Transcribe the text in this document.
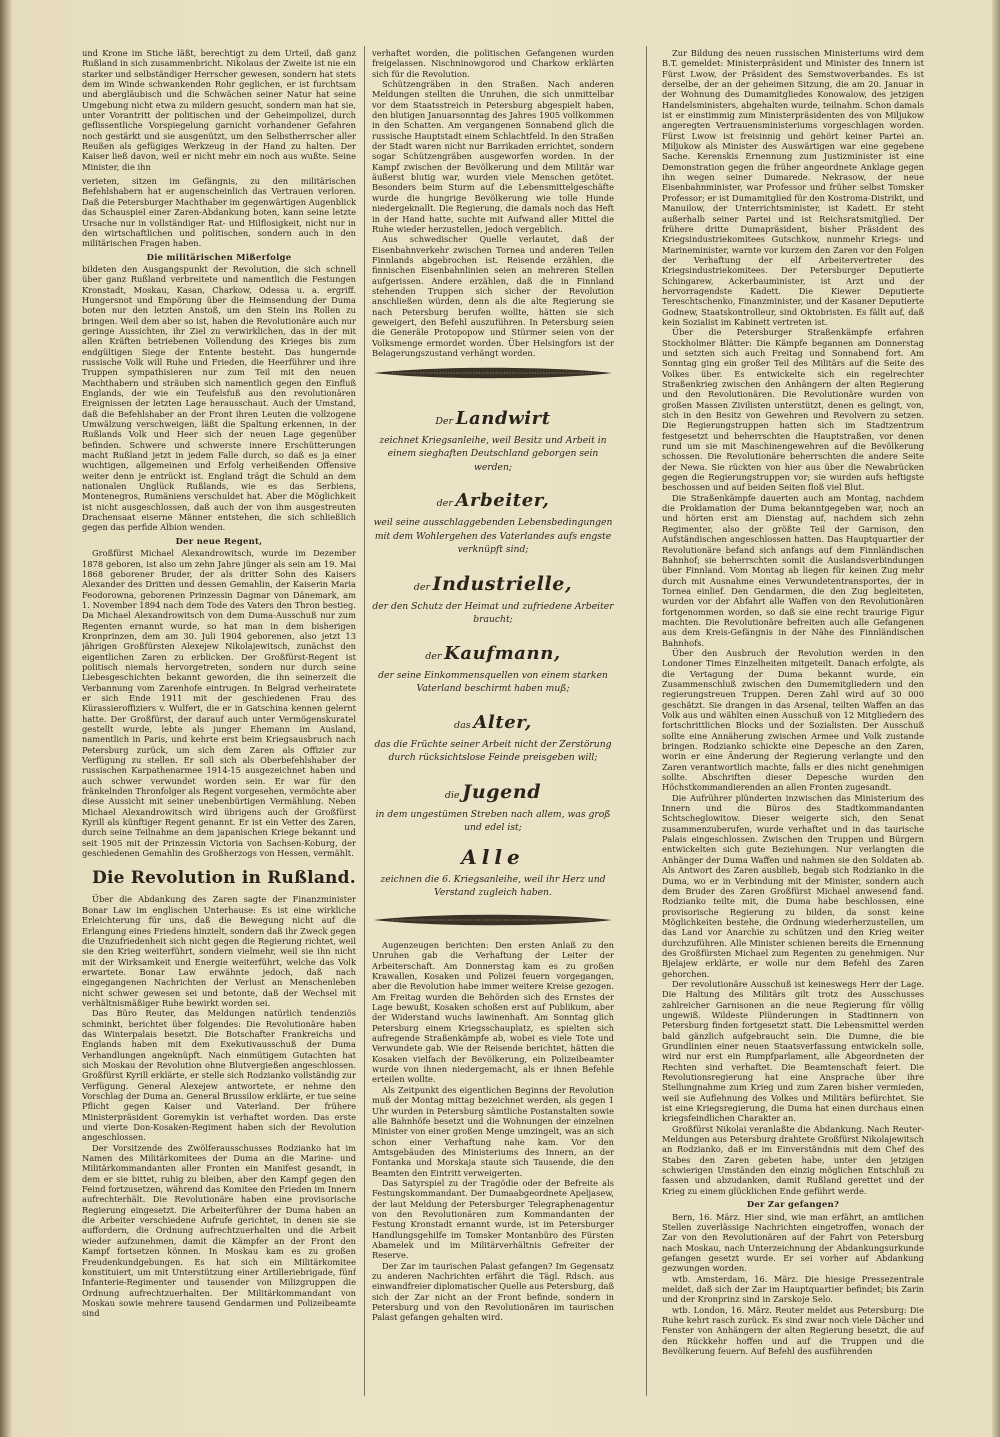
und Krone im Stiche läßt, berechtigt zu dem Urteil, daß ganz Rußland in sich zusammenbricht. Nikolaus der Zweite ist nie ein starker und selbständiger Herrscher gewesen, sondern hat stets dem im Winde schwankenden Rohr geglichen, er ist furchtsam und abergläubisch und die Schwächen seiner Natur hat seine Umgebung nicht etwa zu mildern gesucht, sondern man hat sie, unter Vorantritt der politischen und der Geheimpolizei, durch geflissentliche Vorspiegelung garnicht vorhandener Gefahren noch gestärkt und sie ausgenützt, um den Selbstherrscher aller Reußen als gefügiges Werkzeug in der Hand zu halten. Der Kaiser ließ davon, weil er nicht mehr ein noch aus wußte. Seine Minister, die ihn

verieten, sitzen im Gefängnis, zu den militärischen Befehlshabern hat er augenscheinlich das Vertrauen verloren. Daß die Petersburger Machthaber im gegenwärtigen Augenblick das Schauspiel einer Zaren-Abdankung boten, kann seine letzte Ursache nur in vollständiger Rat- und Hilflosigkeit, nicht nur in den wirtschaftlichen und politischen, sondern auch in den militärischen Fragen haben.

Die militärischen Mißerfolge

bildeten den Ausgangspunkt der Revolution, die sich schnell über ganz Rußland verbreitete und namentlich die Festungen Kronstadt, Moskau, Kasan, Charkow, Odessa u. a. ergriff. Hungersnot und Empörung über die Heimsendung der Duma boten nur den letzten Anstoß, um den Stein ins Rollen zu bringen. Weil dem aber so ist, haben die Revolutionäre auch nur geringe Aussichten, ihr Ziel zu verwirklichen, das in der mit allen Kräften betriebenen Vollendung des Krieges bis zum endgültigen Siege der Entente besteht. Das hungernde russische Volk will Ruhe und Frieden, die Heerführer und ihre Truppen sympathisieren nur zum Teil mit den neuen Machthabern und sträuben sich namentlich gegen den Einfluß Englands, der wie ein Teufelsfuß aus den revolutionären Ereignissen der letzten Lage herausschaut. Auch der Umstand, daß die Befehlshaber an der Front ihren Leuten die vollzogene Umwälzung verschweigen, läßt die Spaltung erkennen, in der Rußlands Volk und Heer sich der neuen Lage gegenüber befinden. Schwere und schwerste innere Erschütterungen macht Rußland jetzt in jedem Falle durch, so daß es ja einer wuchtigen, allgemeinen und Erfolg verheißenden Offensive weiter denn je entrückt ist. England trägt die Schuld an dem nationalen Unglück Rußlands, wie es das Serbiens, Montenegros, Rumäniens verschuldet hat. Aber die Möglichkeit ist nicht ausgeschlossen, daß auch der von ihm ausgestreuten Drachensaat eiserne Männer entstehen, die sich schließlich gegen das perfide Albion wenden.

Der neue Regent,

Großfürst Michael Alexandrowitsch, wurde im Dezember 1878 geboren, ist also um zehn Jahre jünger als sein am 19. Mai 1868 geborener Bruder, der als dritter Sohn des Kaisers Alexander des Dritten und dessen Gemahlin, der Kaiserin Maria Feodorowna, geborenen Prinzessin Dagmar von Dänemark, am 1. November 1894 nach dem Tode des Vaters den Thron bestieg. Da Michael Alexandrowitsch von dem Duma-Ausschuß nur zum Regenten ernannt wurde, so hat man in dem bisherigen Kronprinzen, dem am 30. Juli 1904 geborenen, also jetzt 13 jährigen Großfürsten Alexejew Nikolajewitsch, zunächst den eigentlichen Zaren zu erblicken. Der Großfürst-Regent ist politisch niemals hervorgetreten, sondern nur durch seine Liebesgeschichten bekannt geworden, die ihn seinerzeit die Verbannung vom Zarenhofe eintrugen. In Belgrad verheiratete er sich Ende 1911 mit der geschiedenen Frau des Kürassieroffiziers v. Wulfert, die er in Gatschina kennen gelernt hatte. Der Großfürst, der darauf auch unter Vermögenskuratel gestellt wurde, lebte als junger Ehemann im Ausland, namentlich in Paris, und kehrte erst beim Kriegsausbruch nach Petersburg zurück, um sich dem Zaren als Offizier zur Verfügung zu stellen. Er soll sich als Oberbefehlshaber der russischen Karpathenarmee 1914-15 ausgezeichnet haben und auch schwer verwundet worden sein. Er war für den fränkelnden Thronfolger als Regent vorgesehen, vermöchte aber diese Aussicht mit seiner unebenbürtigen Vermählung. Neben Michael Alexandrowitsch wird übrigens auch der Großfürst Kyrill als künftiger Regent genannt. Er ist ein Vetter des Zaren, durch seine Teilnahme an dem japanischen Kriege bekannt und seit 1905 mit der Prinzessin Victoria von Sachsen-Koburg, der geschiedenen Gemahlin des Großherzogs von Hessen, vermählt.

Die Revolution in Rußland.

Über die Abdankung des Zaren sagte der Finanzminister Bonar Law im englischen Unterhause: Es ist eine wirkliche Erleichterung für uns, daß die Bewegung nicht auf die Erlangung eines Friedens hinzielt, sondern daß ihr Zweck gegen die Unzufriedenheit sich nicht gegen die Regierung richtet, weil sie den Krieg weiterführt, sondern vielmehr, weil sie ihn nicht mit der Wirksamkeit und Energie weiterführt, welche das Volk erwartete. Bonar Law erwähnte jedoch, daß nach eingegangenen Nachrichten der Verlust an Menschenleben nicht schwer gewesen sei und betonte, daß der Wechsel mit verhältnismäßiger Ruhe bewirkt worden sei.

Das Büro Reuter, das Meldungen natürlich tendenziös schminkt, berichtet über folgendes: Die Revolutionäre haben das Winterpalais besetzt. Die Botschafter Frankreichs und Englands haben mit dem Exekutivausschuß der Duma Verhandlungen angeknüpft. Nach einmütigem Gutachten hat sich Moskau der Revolution ohne Blutvergießen angeschlossen. Großfürst Kyrill erklärte, er stelle sich Rodzianko vollständig zur Verfügung. General Alexejew antwortete, er nehme den Vorschlag der Duma an. General Brussilow erklärte, er tue seine Pflicht gegen Kaiser und Vaterland. Der frühere Ministerpräsident Goremykin ist verhaftet worden. Das erste und vierte Don-Kosaken-Regiment haben sich der Revolution angeschlossen.

Der Vorsitzende des Zwölferausschusses Rodzianko hat im Namen des Militärkomitees der Duma an die Marine- und Militärkommandanten aller Fronten ein Manifest gesandt, in dem er sie bittet, ruhig zu bleiben, aber den Kampf gegen den Feind fortzusetzen, während das Komitee den Frieden im Innern aufrechterhält. Die Revolutionäre haben eine provisorische Regierung eingesetzt. Die Arbeiterführer der Duma haben an die Arbeiter verschiedene Aufrufe gerichtet, in denen sie sie auffordern, die Ordnung aufrechtzuerhalten und die Arbeit wieder aufzunehmen, damit die Kämpfer an der Front den Kampf fortsetzen können. In Moskau kam es zu großen Freudenkundgebungen. Es hat sich ein Militärkomitee konstituiert, um mit Unterstützung einer Artilleriebrigade, fünf Infanterie-Regimenter und tausender von Milizgruppen die Ordnung aufrechtzuerhalten. Der Militärkommandant von Moskau sowie mehrere tausend Gendarmen und Polizeibeamte sind

verhaftet worden, die politischen Gefangenen wurden freigelassen. Nischninowgorod und Charkow erklärten sich für die Revolution.

Schützengräben in den Straßen. Nach anderen Meldungen stellten die Unruhen, die sich unmittelbar vor dem Staatsstreich in Petersburg abgespielt haben, den blutigen Januarsonntag des Jahres 1905 vollkommen in den Schatten. Am vergangenen Sonnabend glich die russische Hauptstadt einem Schlachtfeld. In den Straßen der Stadt waren nicht nur Barrikaden errichtet, sondern sogar Schützengräben ausgeworfen worden. In der Kampf zwischen der Bevölkerung und dem Militär war äußerst blutig war, wurden viele Menschen getötet. Besonders beim Sturm auf die Lebensmittelgeschäfte wurde die hungrige Bevölkerung wie tolle Hunde niedergeknallt. Die Regierung, die damals noch das Heft in der Hand hatte, suchte mit Aufwand aller Mittel die Ruhe wieder herzustellen, jedoch vergeblich.

Aus schwedischer Quelle verlautet, daß der Eisenbahnverkehr zwischen Tornea und anderen Teilen Finnlands abgebrochen ist. Reisende erzählen, die finnischen Eisenbahnlinien seien an mehreren Stellen aufgerissen. Andere erzählen, daß die in Finnland stehenden Truppen sich sicher der Revolution anschließen würden, denn als die alte Regierung sie nach Petersburg berufen wollte, hätten sie sich geweigert, den Befehl auszuführen. In Petersburg seien die Generäle Protopopow und Stürmer seien von der Volksmenge ermordet worden. Über Helsingfors ist der Belagerungszustand verhängt worden.

Der Landwirt
zeichnet Kriegsanleihe, weil Besitz und Arbeit in einem sieghaften Deutschland geborgen sein werden;
der Arbeiter,
weil seine ausschlaggebenden Lebensbedingungen mit dem Wohlergehen des Vaterlandes aufs engste verknüpft sind;
der Industrielle,
der den Schutz der Heimat und zufriedene Arbeiter braucht;
der Kaufmann,
der seine Einkommensquellen von einem starken Vaterland beschirmt haben muß;
das Alter,
das die Früchte seiner Arbeit nicht der Zerstörung durch rücksichtslose Feinde preisgeben will;
die Jugend
in dem ungestümen Streben nach allem, was groß und edel ist;
Alle
zeichnen die 6. Kriegsanleihe, weil ihr Herz und Verstand zugleich haben.

Augenzeugen berichten: Den ersten Anlaß zu den Unruhen gab die Verhaftung der Leiter der Arbeiterschaft. Am Donnerstag kam es zu großen Krawallen, Kosaken und Polizei feuern vorgegangen, aber die Revolution habe immer weitere Kreise gezogen. Am Freitag wurden die Behörden sich des Ernstes der Lage bewußt, Kosaken schoßen erst auf Publikum, aber der Widerstand wuchs lawinenhaft. Am Sonntag glich Petersburg einem Kriegsschauplatz, es spielten sich aufregende Straßenkämpfe ab, wobei es viele Tote und Verwundete gab. Wie der Reisende berichtet, hätten die Kosaken vielfach der Bevölkerung, ein Polizeibeamter wurde von ihnen niedergemacht, als er ihnen Befehle erteilen wollte.

Als Zeitpunkt des eigentlichen Beginns der Revolution muß der Montag mittag bezeichnet werden, als gegen 1 Uhr wurden in Petersburg sämtliche Postanstalten sowie alle Bahnhöfe besetzt und die Wohnungen der einzelnen Minister von einer großen Menge umzingelt, was an sich schon einer Verhaftung nahe kam. Vor den Amtsgebäuden des Ministeriums des Innern, an der Fontanka und Morskaja staute sich Tausende, die den Beamten den Eintritt verweigerten.

Das Satyrspiel zu der Tragödie oder der Befreite als Festungskommandant. Der Dumaabgeordnete Apeljasew, der laut Meldung der Petersburger Telegraphenagentur von den Revolutionären zum Kommandanten der Festung Kronstadt ernannt wurde, ist im Petersburger Handlungsgehilfe im Tomsker Montanbüro des Fürsten Abamelek und im Militärverhältnis Gefreiter der Reserve.

Der Zar im taurischen Palast gefangen? Im Gegensatz zu anderen Nachrichten erfährt die Tägl. Rdsch. aus einwandfreier diplomatischer Quelle aus Petersburg, daß sich der Zar nicht an der Front befinde, sondern in Petersburg und von den Revolutionären im taurischen Palast gefangen gehalten wird.

Zur Bildung des neuen russischen Ministeriums wird dem B.T. gemeldet: Ministerpräsident und Minister des Innern ist Fürst Lwow, der Präsident des Semstwoverbandes. Es ist derselbe, der an der geheimen Sitzung, die am 20. Januar in der Wohnung des Dumamitgliedes Konowalow, des jetzigen Handelsministers, abgehalten wurde, teilnahm. Schon damals ist er einstimmig zum Ministerpräsidenten des von Miljukow angeregten Vertrauensministeriums vorgeschlagen worden. Fürst Lwow ist freisinnig und gehört keiner Partei an. Miljukow als Minister des Auswärtigen war eine gegebene Sache. Kerenskis Ernennung zum Justizminister ist eine Demonstration gegen die früher angeordnete Anklage gegen ihn wegen seiner Dumarede. Nekrasow, der neue Eisenbahnminister, war Professor und früher selbst Tomsker Professor; er ist Dumamitglied für den Kostroma-Distrikt, und Manuilow, der Unterrichtsminister, ist Kadett. Er steht außerhalb seiner Partei und ist Reichsratsmitglied. Der frühere dritte Dumapräsident, bisher Präsident des Kriegsindustriekomitees Gutschkow, nunmehr Kriegs- und Marineminister, warnte vor kurzem den Zaren vor den Folgen der Verhaftung der elf Arbeitervertreter des Kriegsindustriekomitees. Der Petersburger Deputierte Schingarew, Ackerbauminister, ist Arzt und der hervorragendste Kadett. Die Kiewer Deputierte Tereschtschenko, Finanzminister, und der Kasaner Deputierte Godnew, Staatskontrolleur, sind Oktobristen. Es fällt auf, daß kein Sozialist im Kabinett vertreten ist.

Über die Petersburger Straßenkämpfe erfahren Stockholmer Blätter: Die Kämpfe begannen am Donnerstag und setzten sich auch Freitag und Sonnabend fort. Am Sonntag ging ein großer Teil des Militärs auf die Seite des Volkes über. Es entwickelte sich ein regelrechter Straßenkrieg zwischen den Anhängern der alten Regierung und den Revolutionären. Die Revolutionäre wurden von großen Massen Zivilisten unterstützt, denen es gelingt, von, sich in den Besitz von Gewehren und Revolvern zu setzen. Die Regierungstruppen hatten sich im Stadtzentrum festgesetzt und beherrschten die Hauptstraßen, vor denen rund um sie mit Maschinengewehren auf die Bevölkerung schossen. Die Revolutionäre beherrschten die andere Seite der Newa. Sie rückten von hier aus über die Newabrücken gegen die Regierungstruppen vor; sie wurden aufs heftigste beschossen und auf beiden Seiten floß viel Blut.

Die Straßenkämpfe dauerten auch am Montag, nachdem die Proklamation der Duma bekanntgegeben war, noch an und hörten erst am Dienstag auf, nachdem sich zehn Regimenter, also der größte Teil der Garnison, den Aufständischen angeschlossen hatten. Das Hauptquartier der Revolutionäre befand sich anfangs auf dem Finnländischen Bahnhof; sie beherrschten somit die Auslandsverbindungen über Finnland. Vom Montag ab liegen für keinen Zug mehr durch mit Ausnahme eines Verwundetentransportes, der in Tornea einlief. Den Gendarmen, die den Zug begleiteten, wurden vor der Abfahrt alle Waffen von den Revolutionären fortgenommen worden, so daß sie eine recht traurige Figur machten. Die Revolutionäre befreiten auch alle Gefangenen aus dem Kreis-Gefängnis in der Nähe des Finnländischen Bahnhofs.

Über den Ausbruch der Revolution werden in den Londoner Times Einzelheiten mitgeteilt. Danach erfolgte, als die Vertagung der Duma bekannt wurde, ein Zusammenschluß zwischen den Dumemitgliedern und den regierungstreuen Truppen. Deren Zahl wird auf 30 000 geschätzt. Sie drangen in das Arsenal, teilten Waffen an das Volk aus und wählten einen Ausschuß von 12 Mitgliedern des fortschrittlichen Blocks und der Sozialisten. Der Ausschuß sollte eine Annäherung zwischen Armee und Volk zustande bringen. Rodzianko schickte eine Depesche an den Zaren, worin er eine Änderung der Regierung verlangte und den Zaren verantwortlich machte, falls er dies nicht genehmigen sollte. Abschriften dieser Depesche wurden den Höchstkommandierenden an allen Fronten zugesandt.

Die Aufrührer plünderten inzwischen das Ministerium des Innern und die Büros des Stadtkommandanten Schtscheglowitow. Dieser weigerte sich, den Senat zusammenzuberufen, wurde verhaftet und in das taurische Palais eingeschlossen. Zwischen den Truppen und Bürgern entwickelten sich gute Beziehungen. Nur verlangten die Anhänger der Duma Waffen und nahmen sie den Soldaten ab. Als Antwort des Zaren ausblieb, begab sich Rodzianko in die Duma, wo er in Verbindung mit der Minister, sondern auch dem Bruder des Zaren Großfürst Michael anwesend fand. Rodzianko teilte mit, die Duma habe beschlossen, eine provisorische Regierung zu bilden, da sonst keine Möglichkeiten bestehe, die Ordnung wiederherzustellen, um das Land vor Anarchie zu schützen und den Krieg weiter durchzuführen. Alle Minister schienen bereits die Ernennung des Großfürsten Michael zum Regenten zu genehmigen. Nur Bjelajew erklärte, er wolle nur dem Befehl des Zaren gehorchen.

Der revolutionäre Ausschuß ist keineswegs Herr der Lage. Die Haltung des Militärs gilt trotz des Ausschusses zahlreicher Garnisonen an die neue Regierung für völlig ungewiß. Wildeste Plünderungen in Stadtinnern von Petersburg finden fortgesetzt statt. Die Lebensmittel werden bald gänzlich aufgebraucht sein. Die Dumne, die bie Grundlinien einer neuen Staatsverfassung entwickeln solle, wird nur erst ein Rumpfparlament, alle Abgeordneten der Rechten sind verhaftet. Die Beamtenschaft feiert. Die Revolutionsregierung hat eine Ansprache über ihre Stellungnahme zum Krieg und zum Zaren bisher vermieden, weil sie Auflehnung des Volkes und Militärs befürchtet. Sie ist eine Kriegsregierung, die Duma hat einen durchaus einen kriegsfeindlichen Charakter an.

Großfürst Nikolai veranlaßte die Abdankung. Nach Reuter-Meldungen aus Petersburg drahtete Großfürst Nikolajewitsch an Rodzianko, daß er im Einverständnis mit dem Chef des Stabes den Zaren gebeten habe, unter den jetzigen schwierigen Umständen den einzig möglichen Entschluß zu fassen und abzudanken, damit Rußland gerettet und der Krieg zu einem glücklichen Ende geführt werde.

Der Zar gefangen?

Bern, 16. März. Hier sind, wie man erfährt, an amtlichen Stellen zuverlässige Nachrichten eingetroffen, wonach der Zar von den Revolutionären auf der Fahrt von Petersburg nach Moskau, nach Unterzeichnung der Abdankungsurkunde gefangen gesetzt wurde. Er sei vorher auf Abdankung gezwungen worden.

wtb. Amsterdam, 16. März. Die hiesige Pressezentrale meldet, daß sich der Zar im Hauptquartier befindet; bis Zarin und der Kronprinz sind in Zarskoje Selo.

wtb. London, 16. März. Reuter meldet aus Petersburg: Die Ruhe kehrt rasch zurück. Es sind zwar noch viele Dächer und Fenster von Anhängern der alten Regierung besetzt, die auf den Rückkehr hoffen und auf die Truppen und die Bevölkerung feuern. Auf Befehl des ausführenden
